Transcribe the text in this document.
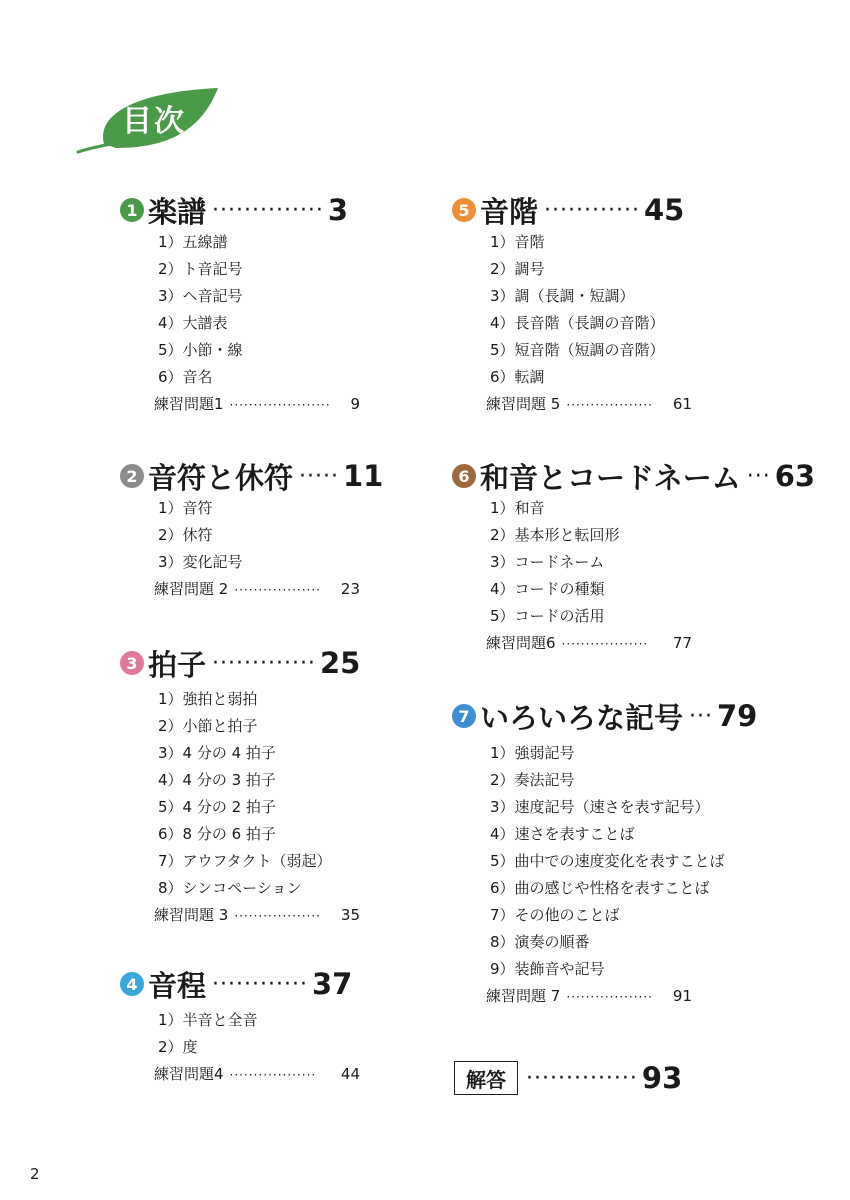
目次
1 楽譜 ·············· 3
1）五線譜
2）ト音記号
3）ヘ音記号
4）大譜表
5）小節・線
6）音名
練習問題1 ····················· 9
2 音符と休符 ····· 11
1）音符
2）休符
3）変化記号
練習問題 2 ·················· 23
3 拍子 ············· 25
1）強拍と弱拍
2）小節と拍子
3）4 分の 4 拍子
4）4 分の 3 拍子
5）4 分の 2 拍子
6）8 分の 6 拍子
7）アウフタクト（弱起）
8）シンコペーション
練習問題 3 ·················· 35
4 音程 ············ 37
1）半音と全音
2）度
練習問題4 ·················· 44
5 音階 ············ 45
1）音階
2）調号
3）調（長調・短調）
4）長音階（長調の音階）
5）短音階（短調の音階）
6）転調
練習問題 5 ·················· 61
6 和音とコードネーム ··· 63
1）和音
2）基本形と転回形
3）コードネーム
4）コードの種類
5）コードの活用
練習問題6 ·················· 77
7 いろいろな記号 ··· 79
1）強弱記号
2）奏法記号
3）速度記号（速さを表す記号）
4）速さを表すことば
5）曲中での速度変化を表すことば
6）曲の感じや性格を表すことば
7）その他のことば
8）演奏の順番
9）装飾音や記号
練習問題 7 ·················· 91
解答 ·············· 93
2
